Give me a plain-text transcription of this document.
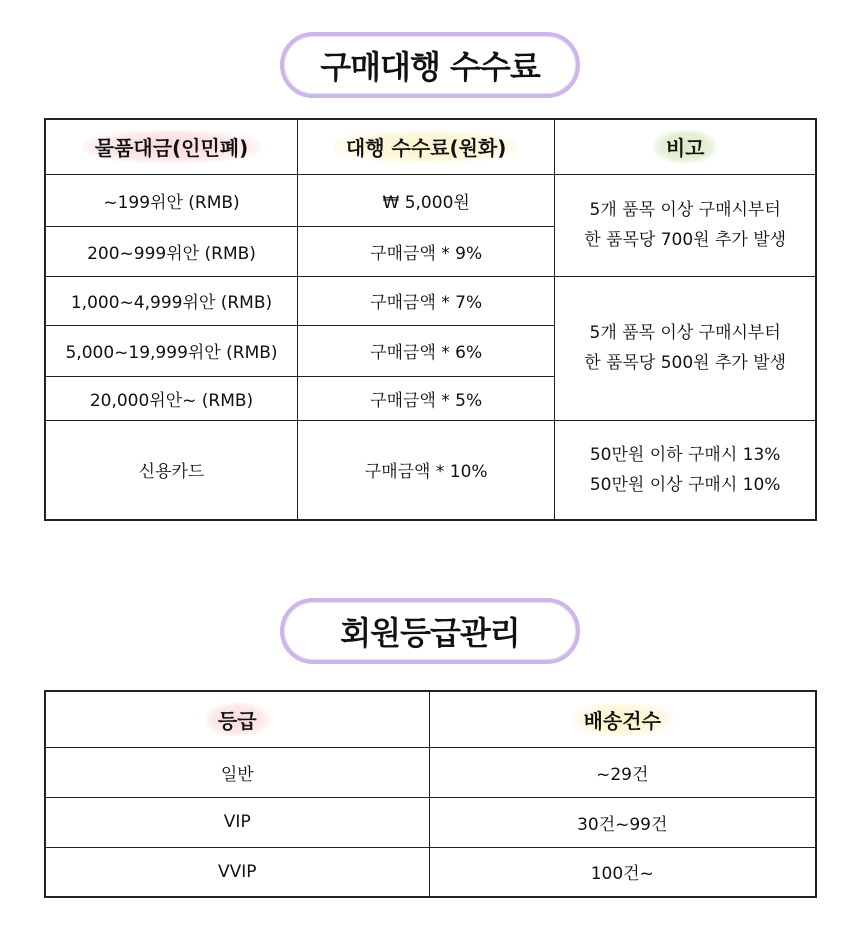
구매대행 수수료
물품대금(인민폐)	대행 수수료(원화)	비고
~199위안 (RMB)	₩ 5,000원	5개 품목 이상 구매시부터
한 품목당 700원 추가 발생

200~999위안 (RMB)	구매금액 * 9%	
1,000~4,999위안 (RMB)	구매금액 * 7%	5개 품목 이상 구매시부터
한 품목당 500원 추가 발생

5,000~19,999위안 (RMB)	구매금액 * 6%	
20,000위안~ (RMB)	구매금액 * 5%	
신용카드	구매금액 * 10%	50만원 이하 구매시 13%
50만원 이상 구매시 10%
회원등급관리
등급	배송건수
일반	~29건
VIP	30건~99건
VVIP	100건~
